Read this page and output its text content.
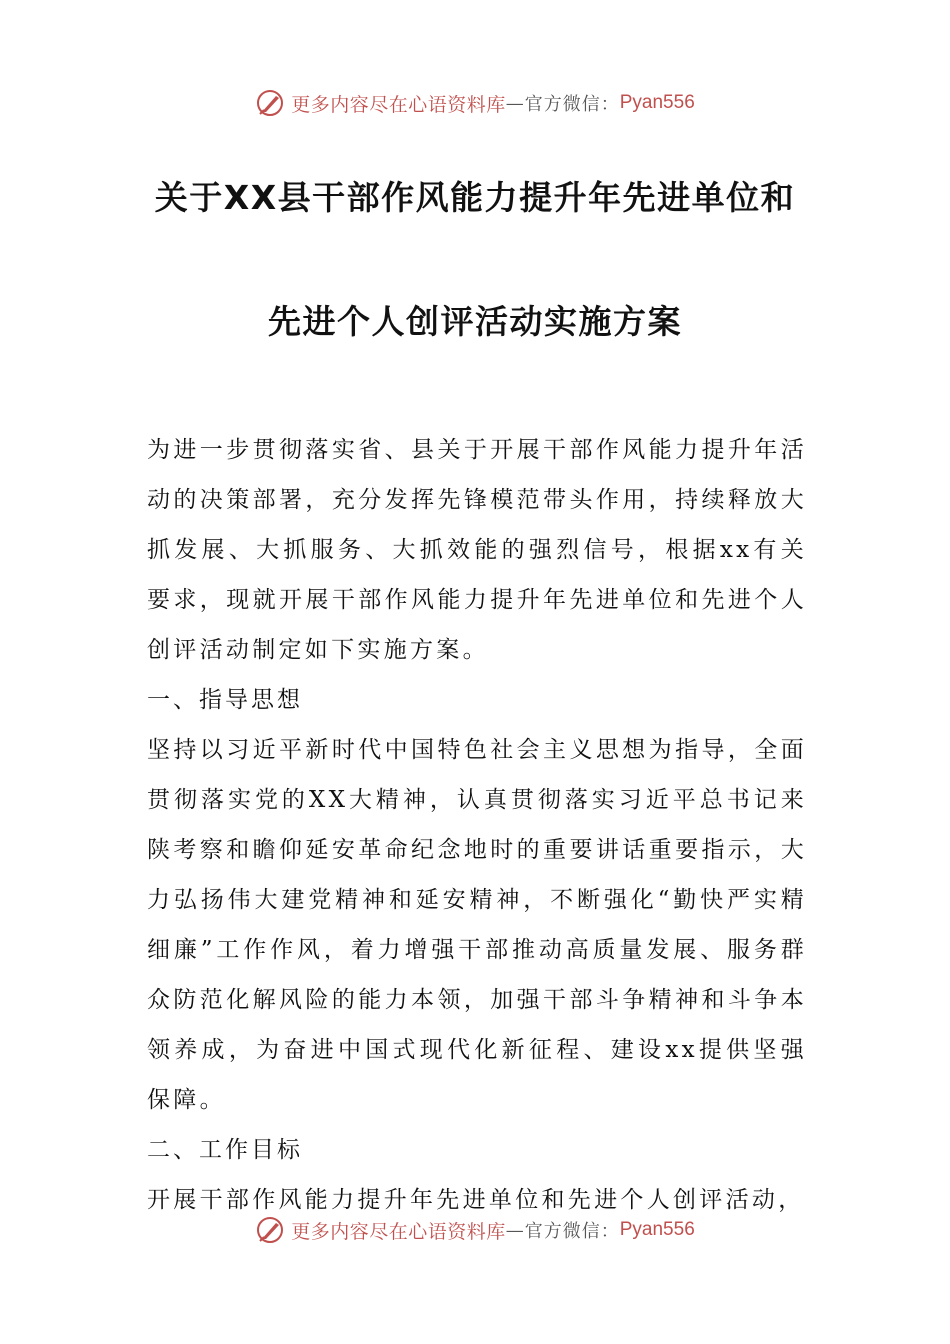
更多内容尽在心语资料库 — 官方微信： Pyan556
关于XX县干部作风能力提升年先进单位和
先进个人创评活动实施方案

为进一步贯彻落实省、县关于开展干部作风能力提升年活动的决策部署，充分发挥先锋模范带头作用，持续释放大抓发展、大抓服务、大抓效能的强烈信号，根据xx有关要求，现就开展干部作风能力提升年先进单位和先进个人创评活动制定如下实施方案。

一、指导思想

坚持以习近平新时代中国特色社会主义思想为指导，全面贯彻落实党的XX大精神，认真贯彻落实习近平总书记来陕考察和瞻仰延安革命纪念地时的重要讲话重要指示，大力弘扬伟大建党精神和延安精神，不断强化“勤快严实精细廉”工作作风，着力增强干部推动高质量发展、服务群众防范化解风险的能力本领，加强干部斗争精神和斗争本领养成，为奋进中国式现代化新征程、建设xx提供坚强保障。

二、工作目标

开展干部作风能力提升年先进单位和先进个人创评活动，

更多内容尽在心语资料库 — 官方微信： Pyan556
